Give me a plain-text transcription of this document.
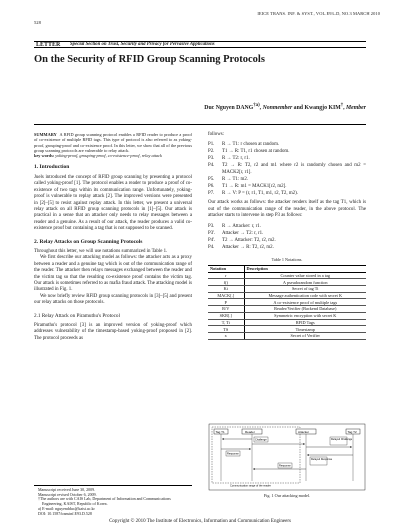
IEICE TRANS. INF. & SYST., VOL.E93–D, NO.3 MARCH 2010
528
LETTER	Special Section on Trust, Security and Privacy for Pervasive Applications
On the Security of RFID Group Scanning Protocols
Duc Nguyen DANG$^{\dagger a)}$, Nonmember and Kwangjo KIM†, Member
SUMMARY A RFID group scanning protocol enables a RFID reader to produce a proof of co-existence of multiple RFID tags. This type of protocol is also referred to as yoking-proof, grouping-proof and co-existence proof. In this letter, we show that all of the previous group scanning protocols are vulnerable to relay attack.
key words: yoking-proof, grouping-proof, co-existence-proof, relay attack
1. Introduction
Juels introduced the concept of RFID group scanning by presenting a protocol called yoking-proof [1]. The protocol enables a reader to produce a proof of co-existence of two tags within its communication range. Unfortunately, yoking-proof is vulnerable to replay attack [2]. The improved versions were presented in [2]–[5] to resist against replay attack. In this letter, we present a universal relay attack on all RFID group scanning protocols in [1]–[5]. Our attack is practical in a sense that an attacker only needs to relay messages between a reader and a genuine. As a result of our attack, the reader produces a valid co-existence proof but containing a tag that is not supposed to be scanned.
2. Relay Attacks on Group Scanning Protocols
Throughout this letter, we will use notations summarized in Table 1.
We first describe our attacking model as follows: the attacker acts as a proxy between a reader and a genuine tag which is out of the communication range of the reader. The attacker then relays messages exchanged between the reader and the victim tag so that the resulting co-existence proof contains the victim tag. Our attack is sometimes referred to as mafia fraud attack. The attacking model is illustrated in Fig. 1.
We now briefly review RFID group scanning protocols in [3]–[5] and present our relay attacks on those protocols.
2.1 Relay Attack on Piramuthu's Protocol
Piramuthu's protocol [3] is an improved version of yoking-proof which addresses vulnerability of the timestamp-based yoking-proof proposed in [2]. The protocol proceeds as
follows:
P1.	R → T1: r chosen at random.
P2.	T1 → R: T1, r1 chosen at random.
P3.	R → T2: r, r1.
P4.	T2 → R: T2, r2 and m1 where r2 is randomly chosen and m2 = MACK2[r, r1].
P5.	R → T1: m2.
P6.	T1 → R: m1 = MACK1[r2, m2].
P7.	R → V: P = (r, r1, T1, m1, r2, T2, m2).
Our attack works as follows: the attacker renders itself as the tag T1, which is out of the communication range of the reader, in the above protocol. The attacker starts to intervene in step P3 as follows:
P3.	R → Attacker: r, r1.
P3'.	Attacker → T2: r, r1.
P4'.	T2 → Attacker: T2, r2, m2.
P4.	Attacker → R: T2, r2, m2.
Table 1 Notations.
Notation	Description
r	Counter value stored in a tag
f()	A pseudorandom function
Ki	Secret of tag Ti
MACK[.]	Message authentication code with secret K
P	A co-existence proof of multiple tags
R/V	Reader/Verifier (Backend Database)
SKR[.]	Symmetric encryption with secret K
T, Ti	RFID Tags
TS	Timestamp
x	Secret of Verifier
Tag T1	Reader	Attacker	Tag T2
Challenge	Relayed Challenge
Relayed Response
Response
Response
Communication range of the reader
Fig. 1 Our attacking model.
Manuscript received June 30, 2009.
Manuscript revised October 6, 2009.
†The authors are with CAIS Lab, Department of Information and Communications Engineering, KAIST, Republic of Korea.
a) E-mail: nguyendduc@kaist.ac.kr
DOI: 10.1587/transinf.E93.D.528
Copyright © 2010 The Institute of Electronics, Information and Communication Engineers
